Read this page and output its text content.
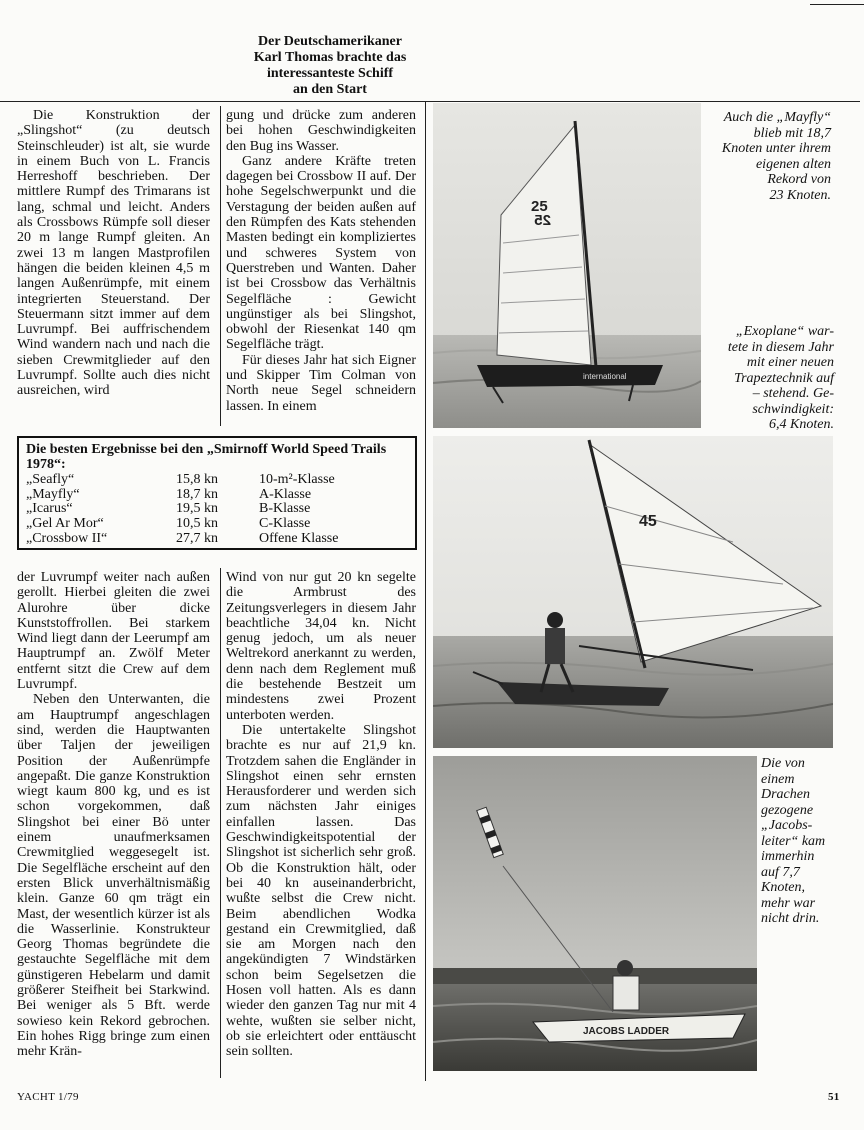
Der Deutschamerikaner
Karl Thomas brachte das
interessanteste Schiff
an den Start

Die Konstruktion der „Slingshot“ (zu deutsch Steinschleuder) ist alt, sie wurde in einem Buch von L. Francis Herreshoff beschrieben. Der mittlere Rumpf des Trimarans ist lang, schmal und leicht. Anders als Crossbows Rümpfe soll dieser 20 m lange Rumpf gleiten. An zwei 13 m langen Mastprofilen hängen die beiden kleinen 4,5 m langen Außenrümpfe, mit einem integrierten Steuerstand. Der Steuermann sitzt immer auf dem Luvrumpf. Bei auffrischendem Wind wandern nach und nach die sieben Crewmitglieder auf den Luvrumpf. Sollte auch dies nicht ausreichen, wird

gung und drücke zum anderen bei hohen Geschwindigkeiten den Bug ins Wasser.

Ganz andere Kräfte treten dagegen bei Crossbow II auf. Der hohe Segelschwerpunkt und die Verstagung der beiden außen auf den Rümpfen des Kats stehenden Masten bedingt ein kompliziertes und schweres System von Querstreben und Wanten. Daher ist bei Crossbow das Verhältnis Segelfläche : Gewicht ungünstiger als bei Slingshot, obwohl der Riesenkat 140 qm Segelfläche trägt.

Für dieses Jahr hat sich Eigner und Skipper Tim Colman von North neue Segel schneidern lassen. In einem

Die besten Ergebnisse bei den „Smirnoff World Speed Trails 1978“:
„Seafly“	15,8 kn	10-m²-Klasse
„Mayfly“	18,7 kn	A-Klasse
„Icarus“	19,5 kn	B-Klasse
„Gel Ar Mor“	10,5 kn	C-Klasse
„Crossbow II“	27,7 kn	Offene Klasse

der Luvrumpf weiter nach außen gerollt. Hierbei gleiten die zwei Alurohre über dicke Kunststoffrollen. Bei starkem Wind liegt dann der Leerumpf am Hauptrumpf an. Zwölf Meter entfernt sitzt die Crew auf dem Luvrumpf.

Neben den Unterwanten, die am Hauptrumpf angeschlagen sind, werden die Hauptwanten über Taljen der jeweiligen Position der Außenrümpfe angepaßt. Die ganze Konstruktion wiegt kaum 800 kg, und es ist schon vorgekommen, daß Slingshot bei einer Bö unter einem unaufmerksamen Crewmitglied weggesegelt ist. Die Segelfläche erscheint auf den ersten Blick unverhältnismäßig klein. Ganze 60 qm trägt ein Mast, der wesentlich kürzer ist als die Wasserlinie. Konstrukteur Georg Thomas begründete die gestauchte Segelfläche mit dem günstigeren Hebelarm und damit größerer Steifheit bei Starkwind. Bei weniger als 5 Bft. werde sowieso kein Rekord gebrochen. Ein hohes Rigg bringe zum einen mehr Krän-

Wind von nur gut 20 kn segelte die Armbrust des Zeitungsverlegers in diesem Jahr beachtliche 34,04 kn. Nicht genug jedoch, um als neuer Weltrekord anerkannt zu werden, denn nach dem Reglement muß die bestehende Bestzeit um mindestens zwei Prozent unterboten werden.

Die untertakelte Slingshot brachte es nur auf 21,9 kn. Trotzdem sahen die Engländer in Slingshot einen sehr ernsten Herausforderer und werden sich zum nächsten Jahr einiges einfallen lassen. Das Geschwindigkeitspotential der Slingshot ist sicherlich sehr groß. Ob die Konstruktion hält, oder bei 40 kn auseinanderbricht, wußte selbst die Crew nicht. Beim abendlichen Wodka gestand ein Crewmitglied, daß sie am Morgen nach den angekündigten 7 Windstärken schon beim Segelsetzen die Hosen voll hatten. Als es dann wieder den ganzen Tag nur mit 4 wehte, wußten sie selber nicht, ob sie erleichtert oder enttäuscht sein sollten.

25
25
international
45
JACOBS LADDER
Auch die „Mayfly“
blieb mit 18,7
Knoten unter ihrem
eigenen alten
Rekord von
23 Knoten.
„Exoplane“ war-
tete in diesem Jahr
mit einer neuen
Trapeztechnik auf
– stehend. Ge-
schwindigkeit:
6,4 Knoten.
Die von
einem
Drachen
gezogene
„Jacobs-
leiter“ kam
immerhin
auf 7,7
Knoten,
mehr war
nicht drin.
YACHT 1/79	51
